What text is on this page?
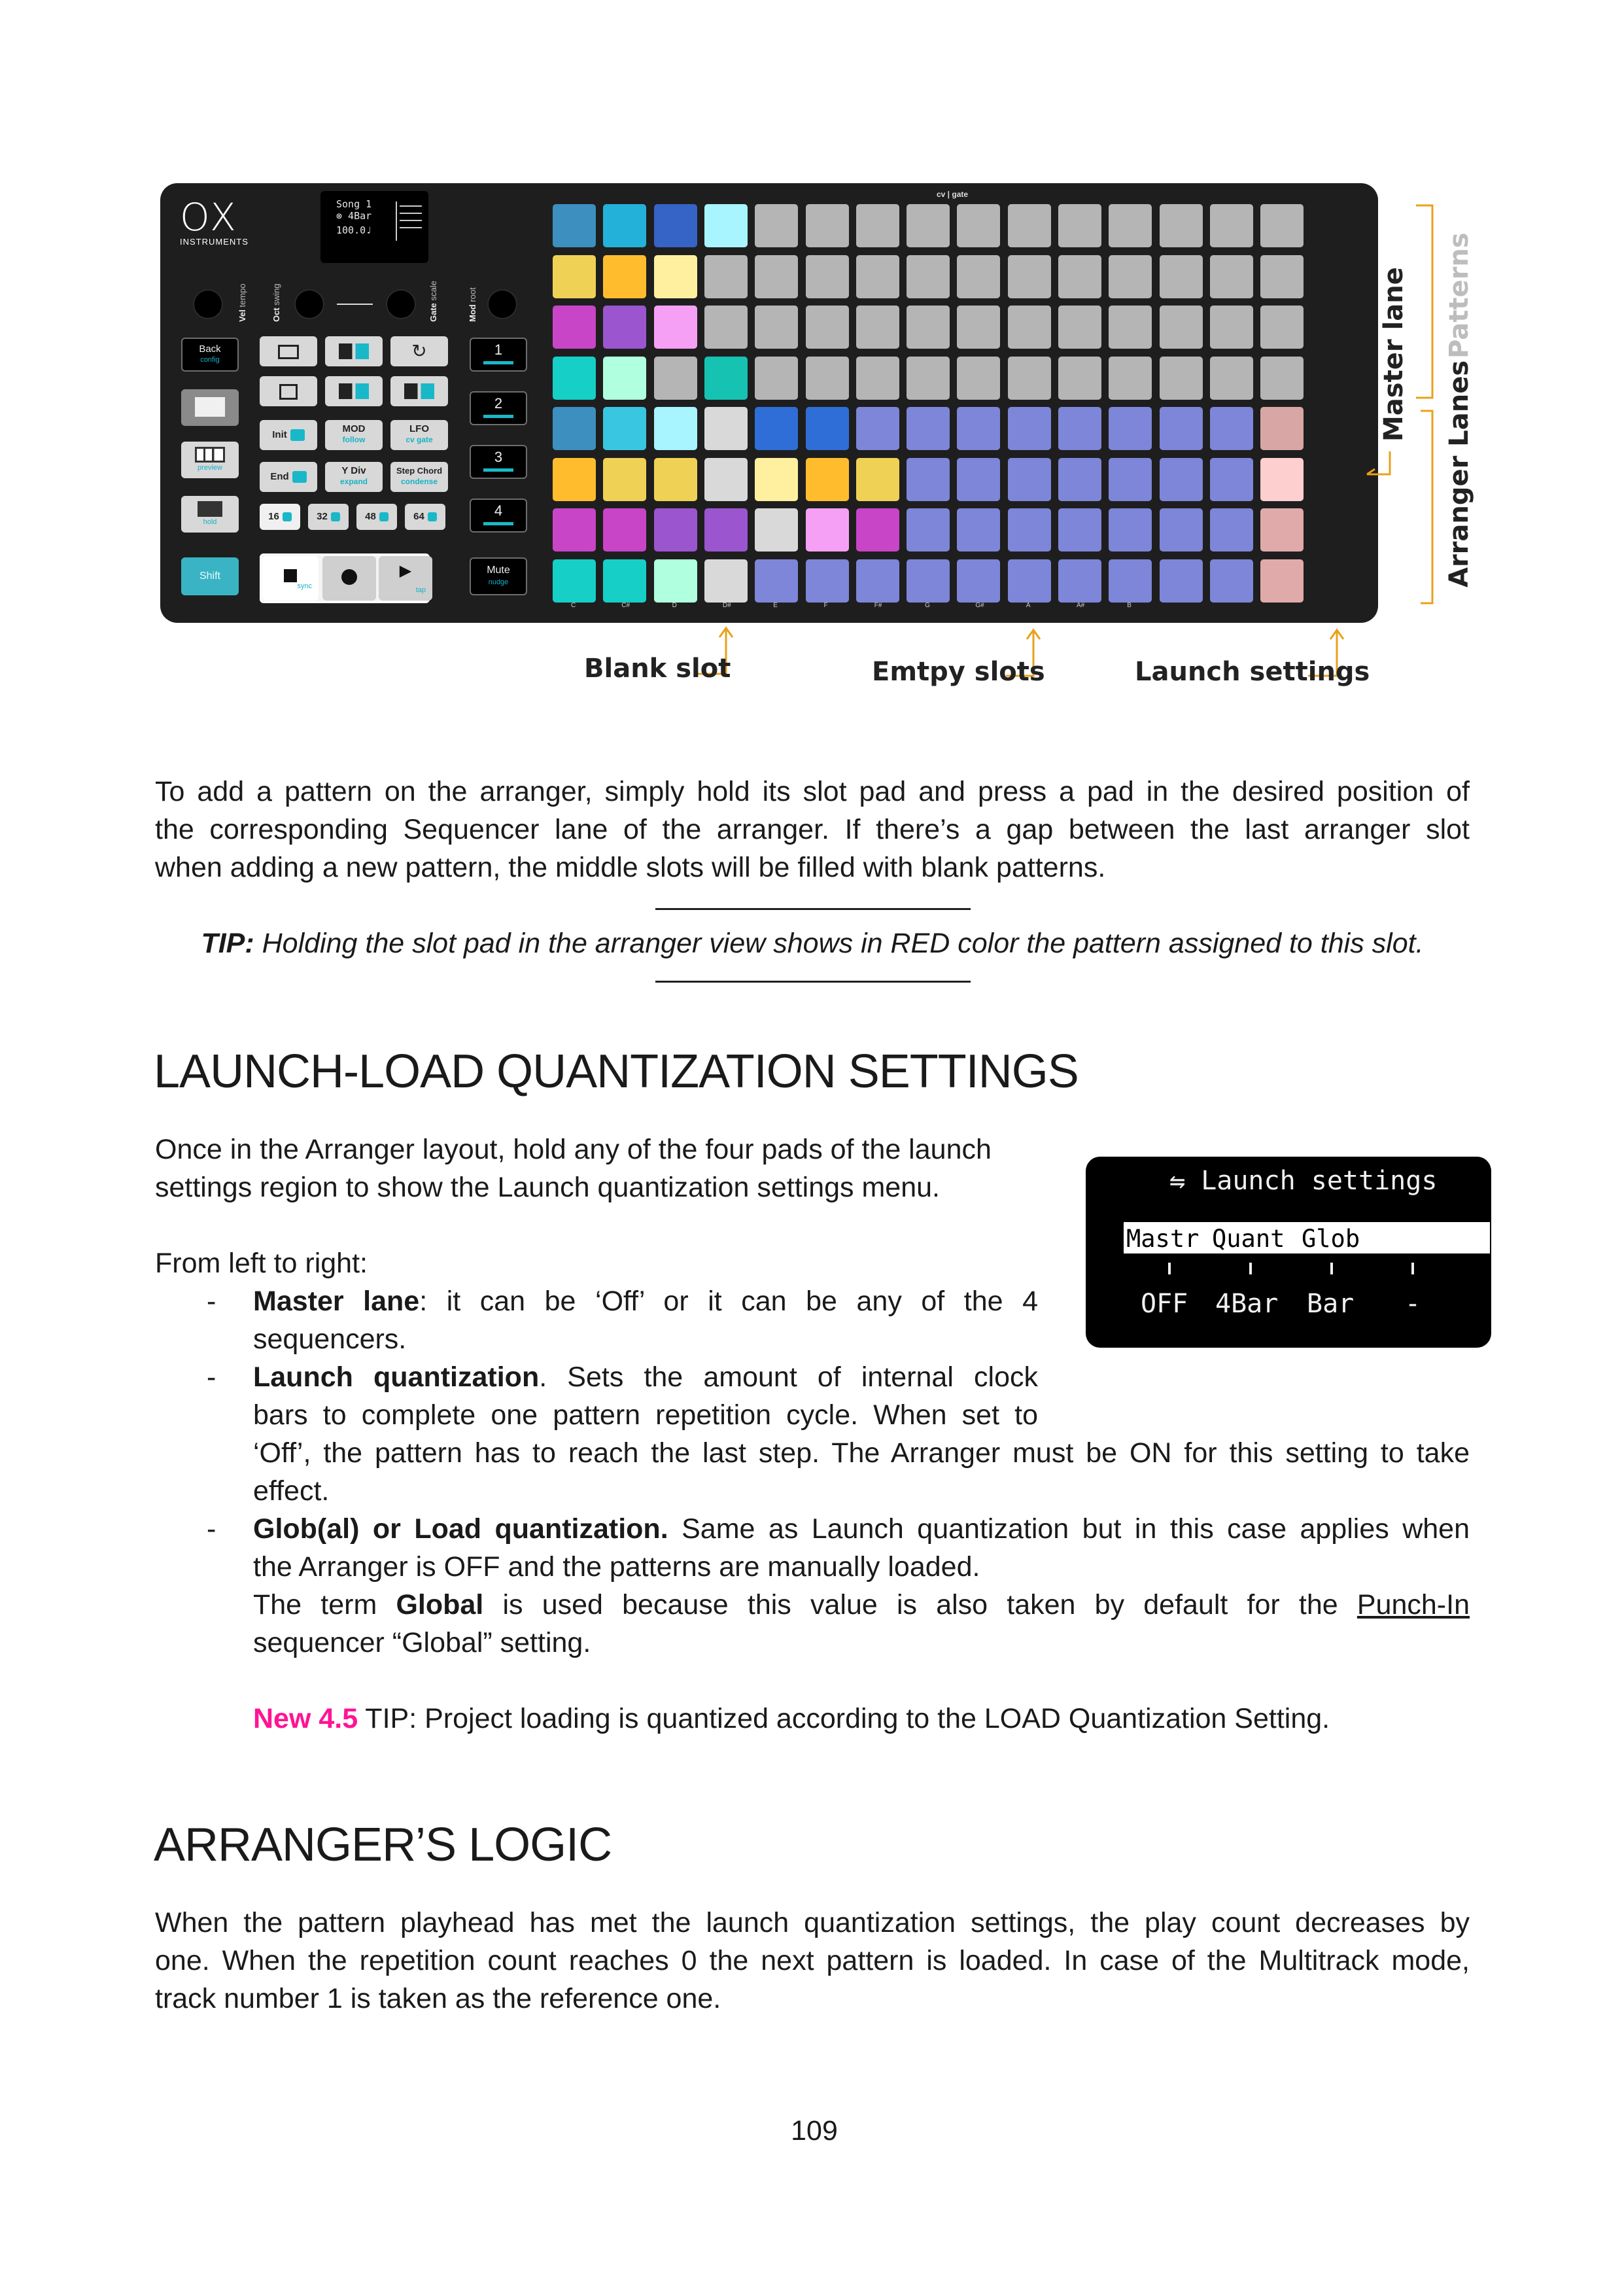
OX
INSTRUMENTS
Song 1
⊗ 4Bar
100.0♩
Vel tempo
Oct swing
Gate scale
Mod root
Back
config
preview
hold
Shift
↻
Init
MOD
follow
LFO
cv gate
End
Y Div
expand
Step Chord
condense
16	32	48	64
sync
▶
tap
1
2
3
4
Mute
nudge
cv | gate
C	C#	D	D#	E	F	F#	G	G#	A	A#	B
Master lane Patterns
Arranger Lanes
Blank slot	Emtpy slots	Launch settings
To add a pattern on the arranger, simply hold its slot pad and press a pad in the desired position of
the corresponding Sequencer lane of the arranger. If there’s a gap between the last arranger slot
when adding a new pattern, the middle slots will be filled with blank patterns.
TIP: Holding the slot pad in the arranger view shows in RED color the pattern assigned to this slot.
LAUNCH-LOAD QUANTIZATION SETTINGS
Once in the Arranger layout, hold any of the four pads of the launch
settings region to show the Launch quantization settings menu.
From left to right:
- Master lane: it can be ‘Off’ or it can be any of the 4
sequencers.
- Launch quantization. Sets the amount of internal clock
bars to complete one pattern repetition cycle. When set to
‘Off’, the pattern has to reach the last step. The Arranger must be ON for this setting to take
effect.
- Glob(al) or Load quantization. Same as Launch quantization but in this case applies when
the Arranger is OFF and the patterns are manually loaded.
The term Global is used because this value is also taken by default for the Punch-In
sequencer “Global” setting.
New 4.5 TIP: Project loading is quantized according to the LOAD Quantization Setting.
⇋ Launch settings
Mastr Quant Glob
OFF 4Bar Bar -
ARRANGER’S LOGIC
When the pattern playhead has met the launch quantization settings, the play count decreases by
one. When the repetition count reaches 0 the next pattern is loaded. In case of the Multitrack mode,
track number 1 is taken as the reference one.
109
